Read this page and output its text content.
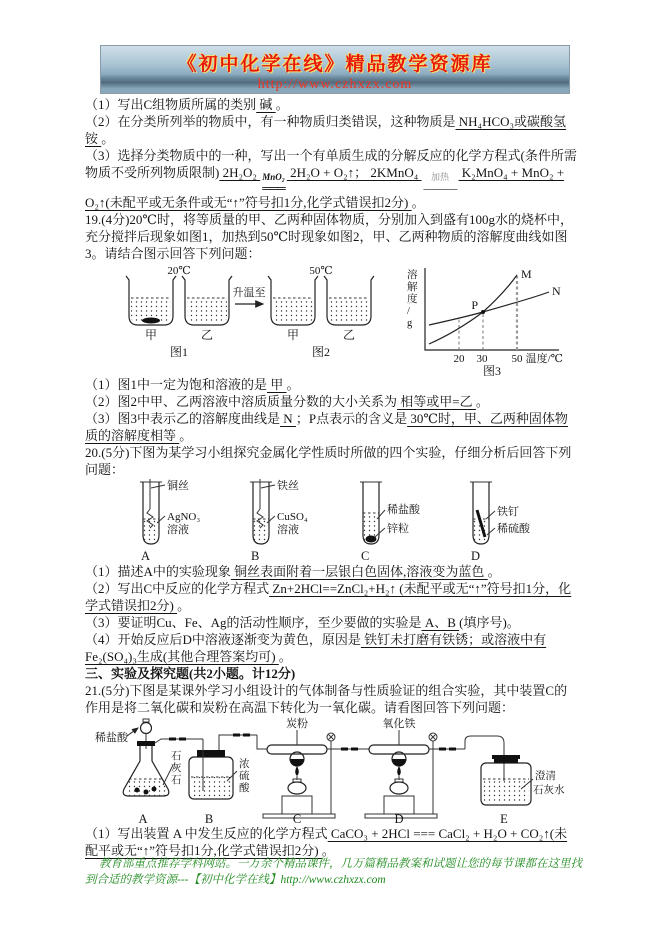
《初中化学在线》精品教学资源库
http://www.czhxzx.com

（1）写出C组物质所属的类别 碱 。

（2）在分类所列举的物质中，有一种物质归类错误，这种物质是 NH₄HCO₃或碳酸氢铵 。

（3）选择分类物质中的一种，写出一个有单质生成的分解反应的化学方程式(条件所需物质不受所列物质限制) 2H₂O₂ MnO₂
═══
2H₂O + O₂↑； 2KMnO₄ 加热
———
K₂MnO₄ + MnO₂ + O₂↑(未配平或无条件或无“↑”符号扣1分,化学式错误扣2分) 。

19.(4分)20℃时，将等质量的甲、乙两种固体物质，分别加入到盛有100g水的烧杯中，充分搅拌后现象如图1，加热到50℃时现象如图2，甲、乙两种物质的溶解度曲线如图3。请结合图示回答下列问题：

20℃	50℃
升温至
甲	乙	甲	乙
图1	图2
溶解度/ g
P
M
N
20 30 50 温度/℃
图3

（1）图1中一定为饱和溶液的是 甲 。

（2）图2中甲、乙两溶液中溶质质量分数的大小关系为 相等或甲=乙 。

（3）图3中表示乙的溶解度曲线是 N ；P点表示的含义是 30℃时，甲、乙两种固体物质的溶解度相等 。

20.(5分)下图为某学习小组探究金属化学性质时所做的四个实验，仔细分析后回答下列问题：

铜丝
AgNO₃
溶液
A
铁丝
CuSO₄
溶液
B
稀盐酸
锌粒
C
铁钉
稀硫酸
D

（1）描述A中的实验现象 铜丝表面附着一层银白色固体,溶液变为蓝色 。

（2）写出C中反应的化学方程式 Zn+2HCl==ZnCl₂+H₂↑ (未配平或无“↑”符号扣1分，化学式错误扣2分) 。

（3）要证明Cu、Fe、Ag的活动性顺序，至少要做的实验是 A、B (填序号)。

（4）开始反应后D中溶液逐渐变为黄色，原因是 铁钉未打磨有铁锈；或溶液中有Fe₂(SO₄)₃生成(其他合理答案均可) 。

三、实验及探究题(共2小题。计12分)

21.(5分)下图是某课外学习小组设计的气体制备与性质验证的组合实验，其中装置C的作用是将二氧化碳和炭粉在高温下转化为一氧化碳。请看图回答下列问题：

稀盐酸
石灰石
浓硫酸
炭粉	氧化铁
澄清
石灰水
A	B	C	D	E

（1）写出装置 A 中发生反应的化学方程式 CaCO₃ + 2HCl === CaCl₂ + H₂O + CO₂↑(未配平或无“↑”符号扣1分,化学式错误扣2分) 。

教育部重点推荐学科网站。一万余个精品课件，几万篇精品教案和试题让您的每节课都在这里找到合适的教学资源---【初中化学在线】http://www.czhxzx.com
